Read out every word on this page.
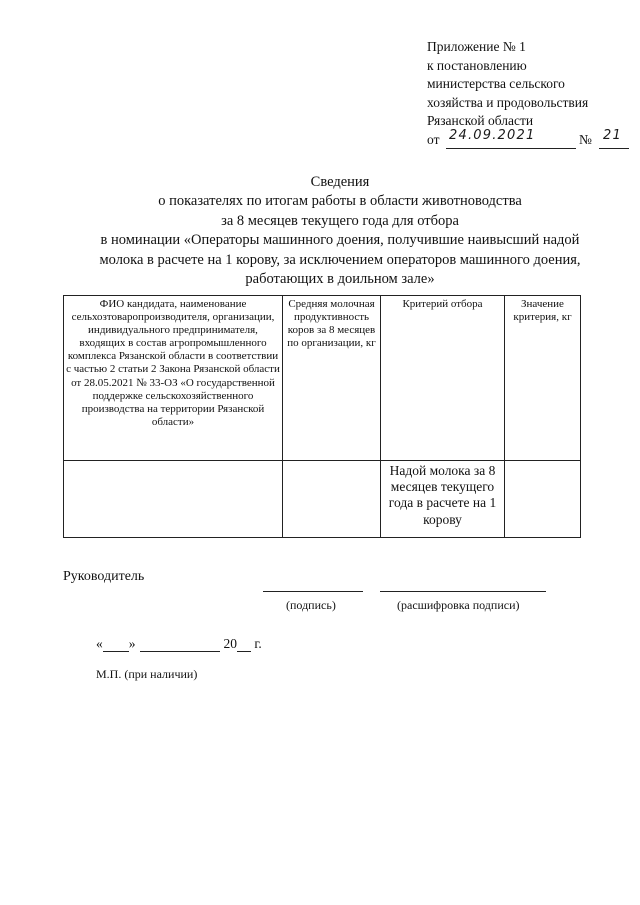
Приложение № 1
к постановлению
министерства сельского
хозяйства и продовольствия
Рязанской области
от 24.09.2021	№ 21
Сведения
о показателях по итогам работы в области животноводства
за 8 месяцев текущего года для отбора
в номинации «Операторы машинного доения, получившие наивысший надой
молока в расчете на 1 корову, за исключением операторов машинного доения,
работающих в доильном зале»
ФИО кандидата, наименование сельхозтоваропроизводителя, организации, индивидуального предпринимателя, входящих в состав агропромышленного комплекса Рязанской области в соответствии с частью 2 статьи 2 Закона Рязанской области от 28.05.2021 № 33-ОЗ «О государственной поддержке сельскохозяйственного производства на территории Рязанской области»	Средняя молочная продуктивность коров за 8 месяцев по организации, кг	Критерий отбора	Значение критерия, кг
		Надой молока за 8 месяцев текущего года в расчете на 1 корову	
Руководитель
(подпись)	(расшифровка подписи)
« »	20 г.
М.П. (при наличии)
